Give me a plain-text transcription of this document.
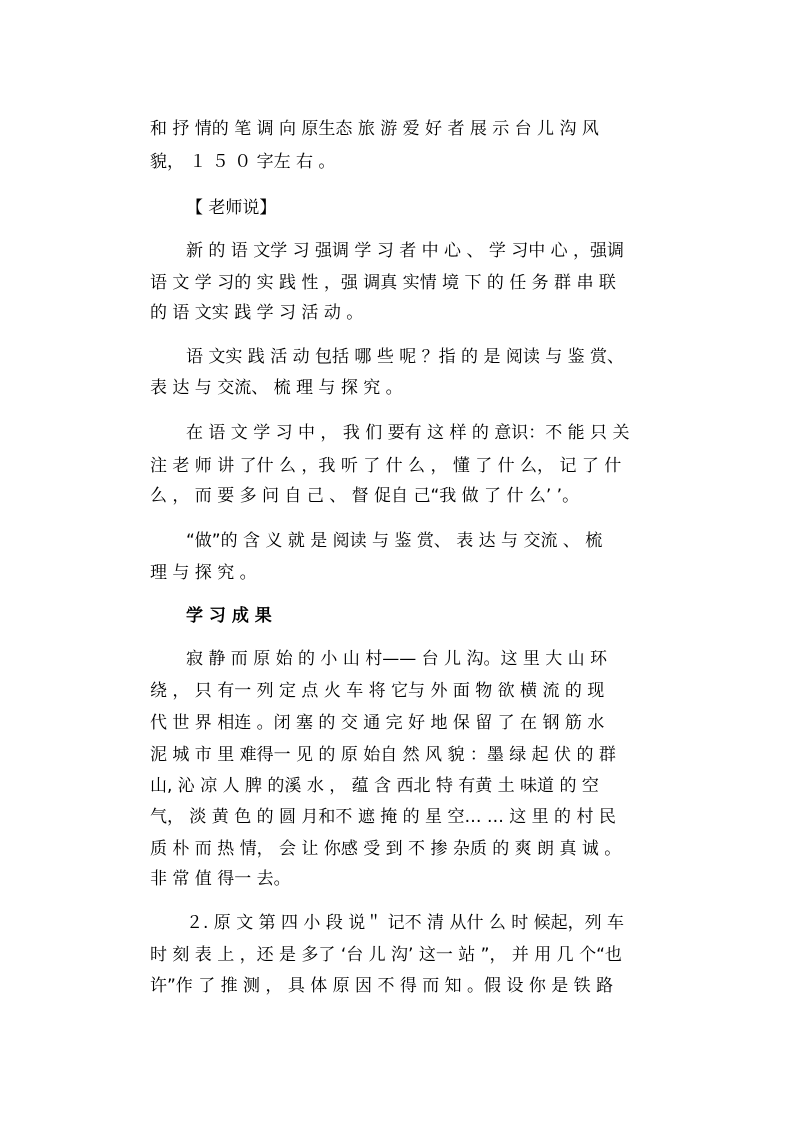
和 抒 情的 笔 调 向 原生态 旅 游 爱 好 者 展 示 台 儿 沟 风
貌， １ ５ ０ 字左 右 。
【 老师说】
新 的 语 文学 习 强调 学 习 者 中 心 、 学 习中 心 ，强调
语 文 学 习的 实 践 性 ，强 调真 实情 境 下 的 任 务 群 串 联
的 语 文实 践 学 习 活 动 。
语 文实 践 活 动 包括 哪 些 呢 ？指 的 是 阅读 与 鉴 赏、
表 达 与 交流、 梳 理 与 探 究 。
在 语 文 学 习 中 ， 我 们 要有 这 样 的 意识：不 能 只 关
注 老 师 讲 了什 么 ，我 听 了 什 么 ， 懂 了 什 么， 记 了 什
么 ， 而 要 多 问 自 己 、 督 促自 己“我 做 了 什 么’ ’。
“做”的 含 义 就 是 阅读 与 鉴 赏、 表 达 与 交流 、 梳
理 与 探 究 。
学 习 成 果
寂 静 而 原 始 的 小 山 村—— 台 儿 沟。这 里 大 山 环
绕 ， 只 有一 列 定 点 火 车 将 它与 外 面 物 欲 横 流 的 现
代 世 界 相连 。闭 塞 的 交 通 完 好 地 保 留 了 在 钢 筋 水
泥 城 市 里 难得一 见 的 原 始自 然 风 貌 ：墨 绿 起 伏 的 群
山, 沁 凉 人 脾 的溪 水 ， 蕴 含 西北 特 有黄 土 味道 的 空
气， 淡 黄 色 的 圆 月和不 遮 掩 的 星 空… … 这 里 的 村 民
质 朴 而 热 情， 会 让 你感 受 到 不 掺 杂质 的 爽 朗 真 诚 。
非 常 值 得一 去。
２. 原 文 第 四 小 段 说＂ 记不 清 从什 么 时 候起，列 车
时 刻 表 上 ，还 是 多了 ‘台 儿 沟’ 这一 站 ”， 并 用 几 个“也
许”作 了 推 测 ， 具 体 原 因 不 得 而 知 。假 设 你 是 铁 路
